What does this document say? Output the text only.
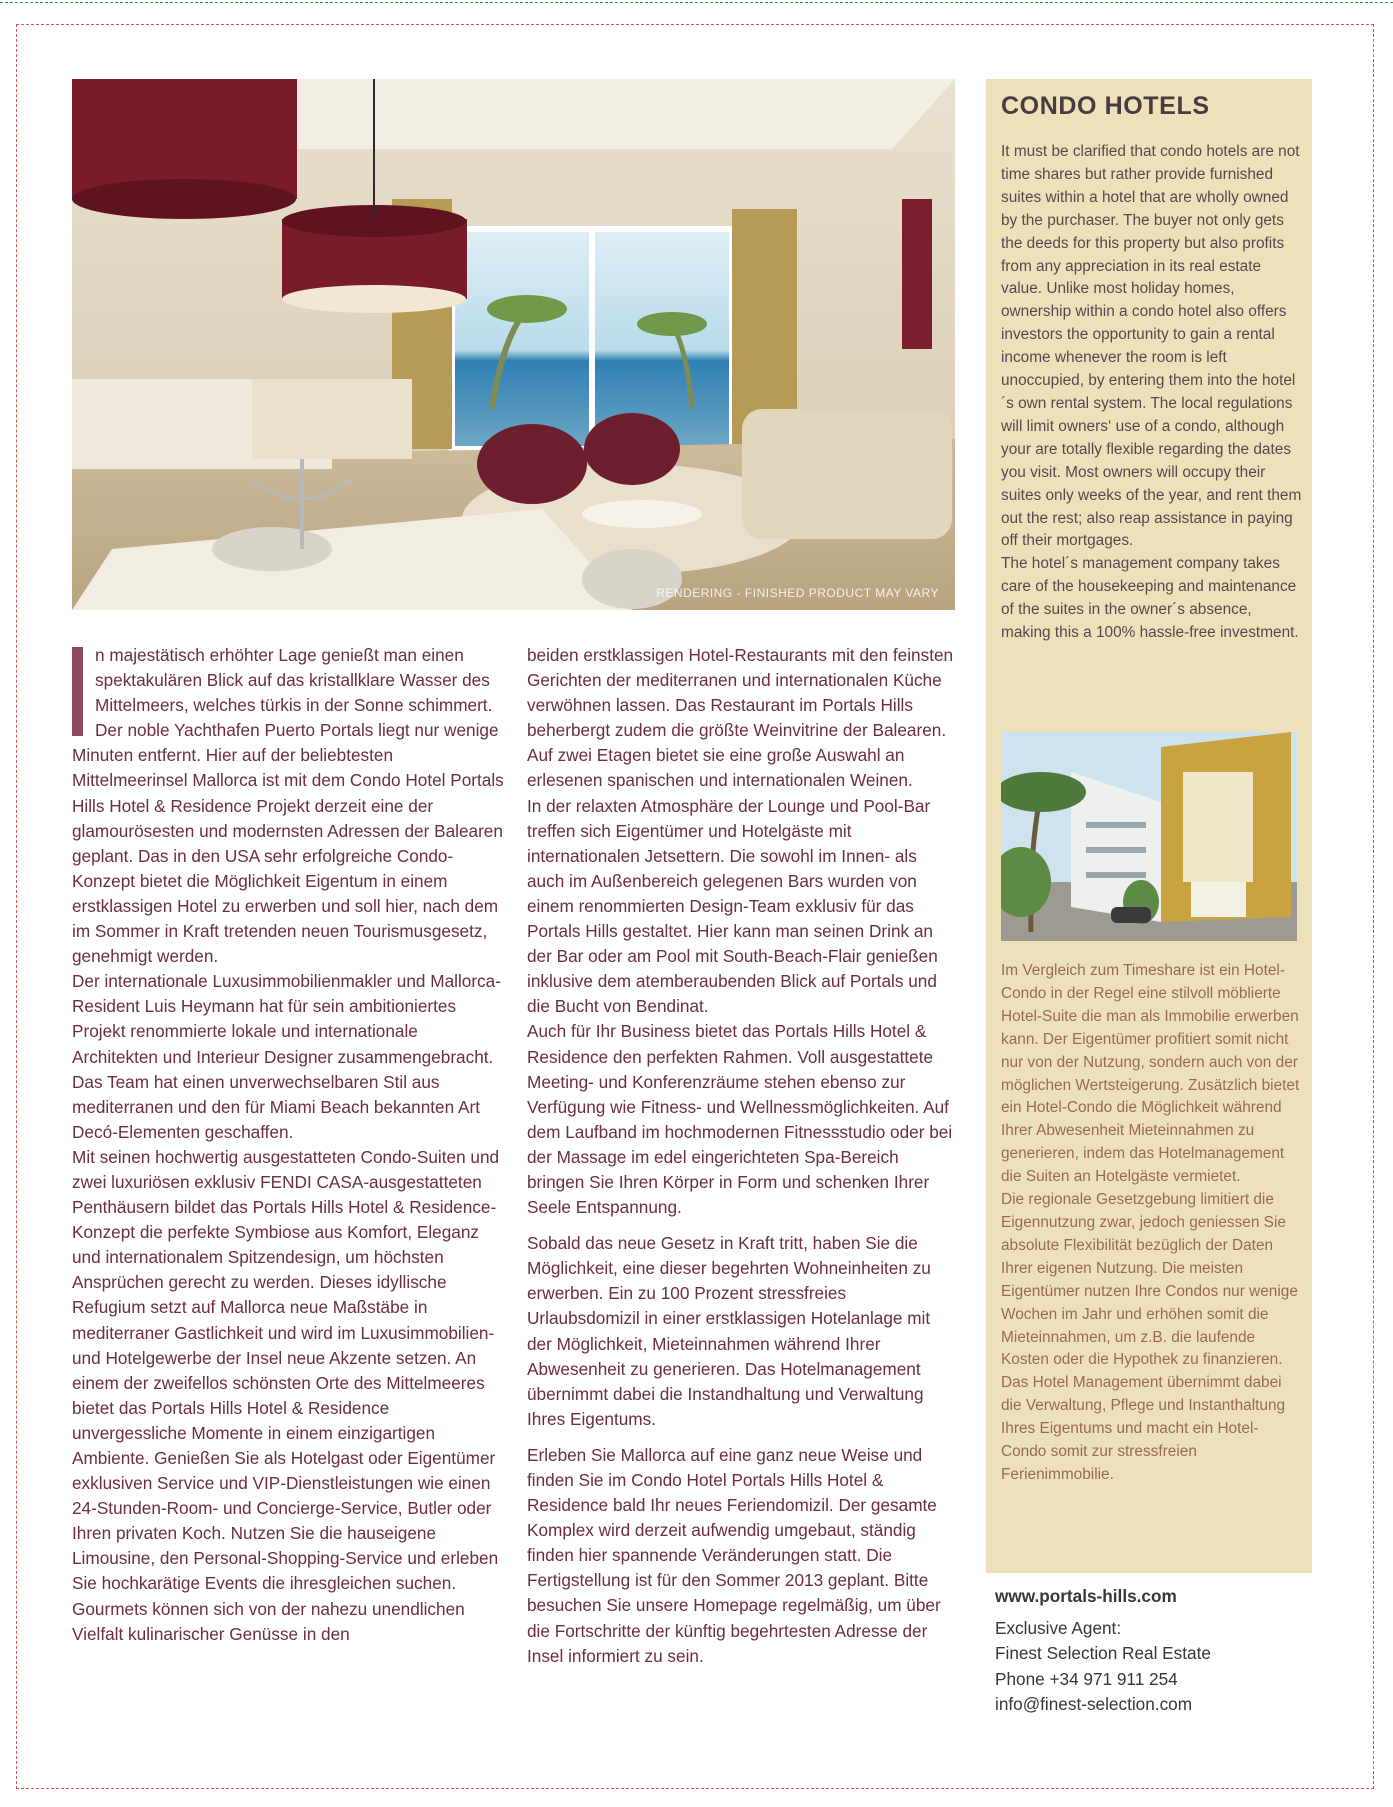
RENDERING - FINISHED PRODUCT MAY VARY

n majestätisch erhöhter Lage genießt man einen spektakulären Blick auf das kristallklare Wasser des Mittelmeers, welches türkis in der Sonne schimmert. Der noble Yachthafen Puerto Portals liegt nur wenige Minuten entfernt. Hier auf der beliebtesten Mittelmeerinsel Mallorca ist mit dem Condo Hotel Portals Hills Hotel & Residence Projekt derzeit eine der glamourösesten und modernsten Adressen der Balearen geplant. Das in den USA sehr erfolgreiche Condo-Konzept bietet die Möglichkeit Eigentum in einem erstklassigen Hotel zu erwerben und soll hier, nach dem im Sommer in Kraft tretenden neuen Tourismusgesetz, genehmigt werden.

Der internationale Luxusimmobilienmakler und Mallorca-Resident Luis Heymann hat für sein ambitioniertes Projekt renommierte lokale und internationale Architekten und Interieur Designer zusammengebracht. Das Team hat einen unverwechselbaren Stil aus mediterranen und den für Miami Beach bekannten Art Decó-Elementen geschaffen.

Mit seinen hochwertig ausgestatteten Condo-Suiten und zwei luxuriösen exklusiv FENDI CASA-ausgestatteten Penthäusern bildet das Portals Hills Hotel & Residence-Konzept die perfekte Symbiose aus Komfort, Eleganz und internationalem Spitzendesign, um höchsten Ansprüchen gerecht zu werden. Dieses idyllische Refugium setzt auf Mallorca neue Maßstäbe in mediterraner Gastlichkeit und wird im Luxusimmobilien- und Hotelgewerbe der Insel neue Akzente setzen. An einem der zweifellos schönsten Orte des Mittelmeeres bietet das Portals Hills Hotel & Residence unvergessliche Momente in einem einzigartigen Ambiente. Genießen Sie als Hotelgast oder Eigentümer exklusiven Service und VIP-Dienstleistungen wie einen 24-Stunden-Room- und Concierge-Service, Butler oder Ihren privaten Koch. Nutzen Sie die hauseigene Limousine, den Personal-Shopping-Service und erleben Sie hochkarätige Events die ihresgleichen suchen. Gourmets können sich von der nahezu unendlichen Vielfalt kulinarischer Genüsse in den

beiden erstklassigen Hotel-Restaurants mit den feinsten Gerichten der mediterranen und internationalen Küche verwöhnen lassen. Das Restaurant im Portals Hills beherbergt zudem die größte Weinvitrine der Balearen. Auf zwei Etagen bietet sie eine große Auswahl an erlesenen spanischen und internationalen Weinen.

In der relaxten Atmosphäre der Lounge und Pool-Bar treffen sich Eigentümer und Hotelgäste mit internationalen Jetsettern. Die sowohl im Innen- als auch im Außenbereich gelegenen Bars wurden von einem renommierten Design-Team exklusiv für das Portals Hills gestaltet. Hier kann man seinen Drink an der Bar oder am Pool mit South-Beach-Flair genießen inklusive dem atemberaubenden Blick auf Portals und die Bucht von Bendinat.

Auch für Ihr Business bietet das Portals Hills Hotel & Residence den perfekten Rahmen. Voll ausgestattete Meeting- und Konferenzräume stehen ebenso zur Verfügung wie Fitness- und Wellnessmöglichkeiten. Auf dem Laufband im hochmodernen Fitnessstudio oder bei der Massage im edel eingerichteten Spa-Bereich bringen Sie Ihren Körper in Form und schenken Ihrer Seele Entspannung.

Sobald das neue Gesetz in Kraft tritt, haben Sie die Möglichkeit, eine dieser begehrten Wohneinheiten zu erwerben. Ein zu 100 Prozent stressfreies Urlaubsdomizil in einer erstklassigen Hotelanlage mit der Möglichkeit, Mieteinnahmen während Ihrer Abwesenheit zu generieren. Das Hotelmanagement übernimmt dabei die Instandhaltung und Verwaltung Ihres Eigentums.

Erleben Sie Mallorca auf eine ganz neue Weise und finden Sie im Condo Hotel Portals Hills Hotel & Residence bald Ihr neues Feriendomizil. Der gesamte Komplex wird derzeit aufwendig umgebaut, ständig finden hier spannende Veränderungen statt. Die Fertigstellung ist für den Sommer 2013 geplant. Bitte besuchen Sie unsere Homepage regelmäßig, um über die Fortschritte der künftig begehrtesten Adresse der Insel informiert zu sein.

CONDO HOTELS

It must be clarified that condo hotels are not time shares but rather provide furnished suites within a hotel that are wholly owned by the purchaser. The buyer not only gets the deeds for this property but also profits from any appreciation in its real estate value. Unlike most holiday homes, ownership within a condo hotel also offers investors the opportunity to gain a rental income whenever the room is left unoccupied, by entering them into the hotel´s own rental system. The local regulations will limit owners‘ use of a condo, although your are totally flexible regarding the dates you visit. Most owners will occupy their suites only weeks of the year, and rent them out the rest; also reap assistance in paying off their mortgages.

The hotel´s management company takes care of the housekeeping and maintenance of the suites in the owner´s absence, making this a 100% hassle-free investment.

Im Vergleich zum Timeshare ist ein Hotel-Condo in der Regel eine stilvoll möblierte Hotel-Suite die man als Immobilie erwerben kann. Der Eigentümer profitiert somit nicht nur von der Nutzung, sondern auch von der möglichen Wertsteigerung. Zusätzlich bietet ein Hotel-Condo die Möglichkeit während Ihrer Abwesenheit Mieteinnahmen zu generieren, indem das Hotelmanagement die Suiten an Hotelgäste vermietet.

Die regionale Gesetzgebung limitiert die Eigennutzung zwar, jedoch geniessen Sie absolute Flexibilität bezüglich der Daten Ihrer eigenen Nutzung. Die meisten Eigentümer nutzen Ihre Condos nur wenige Wochen im Jahr und erhöhen somit die Mieteinnahmen, um z.B. die laufende Kosten oder die Hypothek zu finanzieren.

Das Hotel Management übernimmt dabei die Verwaltung, Pflege und Instanthaltung Ihres Eigentums und macht ein Hotel-Condo somit zur stressfreien Ferienimmobilie.

www.portals-hills.com
Exclusive Agent:
Finest Selection Real Estate
Phone +34 971 911 254
info@finest-selection.com
